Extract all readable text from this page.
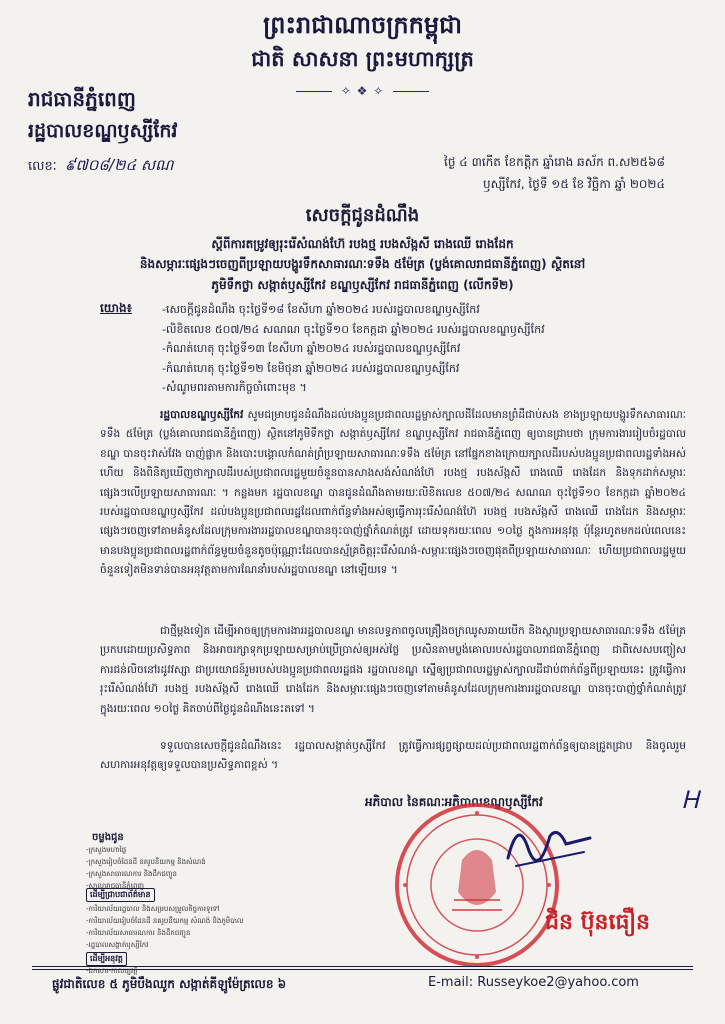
ព្រះរាជាណាចក្រកម្ពុជា
ជាតិ សាសនា ព្រះមហាក្សត្រ
✧ ❖ ✧
រាជធានីភ្នំពេញ
រដ្ឋបាលខណ្ឌឫស្សីកែវ
លេខៈ ៩៧០៨/២៤ សណ	ថ្ងៃ ៤ ៣កើត ខែកត្តិក ឆ្នាំរោង ឆស័ក ព.ស២៥៦៨
ឫស្សីកែវ, ថ្ងៃទី ១៥ ខែ វិច្ឆិកា ឆ្នាំ ២០២៤
សេចក្តីជូនដំណឹង
ស្តីពីការតម្រូវឲ្យរុះរើសំណង់ហ៊ែ របងថ្ម របងស័ង្កសី រោងឈើ រោងដែក
និងសម្ភារៈផ្សេងៗចេញពីប្រឡាយបង្ហូរទឹកសាធារណៈទទឹង ៥ម៉ែត្រ (ប្លង់គោលរាជធានីភ្នំពេញ) ស្ថិតនៅ
ភូមិទឹកថ្លា សង្កាត់ឫស្សីកែវ ខណ្ឌឫស្សីកែវ រាជធានីភ្នំពេញ (លើកទី២)
យោង៖	-សេចក្តីជូនដំណឹង ចុះថ្ងៃទី១៨ ខែសីហា ឆ្នាំ២០២៤ របស់រដ្ឋបាលខណ្ឌឫស្សីកែវ
-លិខិតលេខ ៥០៧/២៤ សណណ ចុះថ្ងៃទី១០ ខែកក្កដា ឆ្នាំ២០២៤ របស់រដ្ឋបាលខណ្ឌឫស្សីកែវ
-កំណត់ហេតុ ចុះថ្ងៃទី១៣ ខែសីហា ឆ្នាំ២០២៤ របស់រដ្ឋបាលខណ្ឌឫស្សីកែវ
-កំណត់ហេតុ ចុះថ្ងៃទី១២ ខែមិថុនា ឆ្នាំ២០២៤ របស់រដ្ឋបាលខណ្ឌឫស្សីកែវ
-សំណូមពរតាមការកិច្ចចាំពោះមុខ ។
រដ្ឋបាលខណ្ឌឫស្សីកែវ សូមជម្រាបជូនដំណឹងដល់បងប្អូនប្រជាពលរដ្ឋម្ចាស់ក្បាលដីដែលមានព្រំដីជាប់សង ខាងប្រឡាយបង្ហូរទឹកសាធារណៈទទឹង ៥ម៉ែត្រ (ប្លង់គោលរាជធានីភ្នំពេញ) ស្ថិតនៅភូមិទឹកថ្លា សង្កាត់ឫស្សីកែវ ខណ្ឌឫស្សីកែវ រាជធានីភ្នំពេញ ឲ្យបានជ្រាបថា ក្រុមការងាររៀបចំរដ្ឋបាលខណ្ឌ បានចុះវាស់វែង បាញ់ផ្លាក និងបោះបង្គោលកំណត់ព្រំប្រឡាយសាធារណៈទទឹង ៥ម៉ែត្រ នៅផ្នែកខាងក្រោយក្បាលដីរបស់បងប្អូនប្រជាពលរដ្ឋទាំងអស់ហើយ និងពិនិត្យឃើញថាក្បាលដីរបស់ប្រជាពលរដ្ឋមួយចំនួនបានសាងសង់សំណង់ហ៊ែ របងថ្ម របងស័ង្កសី រោងឈើ រោងដែក និងទុកដាក់សម្ភារៈផ្សេងៗលើប្រឡាយសាធារណៈ ។ កន្លងមក រដ្ឋបាលខណ្ឌ បានជូនដំណឹងតាមរយៈលិខិតលេខ ៥០៧/២៤ សណណ ចុះថ្ងៃទី១០ ខែកក្កដា ឆ្នាំ២០២៤ របស់រដ្ឋបាលខណ្ឌឫស្សីកែវ ដល់បងប្អូនប្រជាពលរដ្ឋដែលពាក់ព័ន្ធទាំងអស់ឲ្យធ្វើការរុះរើសំណង់ហ៊ែ របងថ្ម របងស័ង្កសី រោងឈើ រោងដែក និងសម្ភារៈផ្សេងៗចេញទៅតាមគំនូសដែលក្រុមការងាររដ្ឋបាលខណ្ឌបានចុះបាញ់ថ្នាំកំណត់ត្រូវ ដោយទុករយៈពេល ១០ថ្ងៃ ក្នុងការអនុវត្ត ប៉ុន្តែរហូតមកដល់ពេលនេះ មានបងប្អូនប្រជាពលរដ្ឋពាក់ព័ន្ធមួយចំនួនតូចប៉ុណ្ណោះដែលបានស្ម័គ្រចិត្តរុះរើសំណង់-សម្ភារៈផ្សេងៗចេញផុតពីប្រឡាយសាធារណៈ ហើយប្រជាពលរដ្ឋមួយចំនួនទៀតមិនទាន់បានអនុវត្តតាមការណែនាំរបស់រដ្ឋបាលខណ្ឌ នៅឡើយទេ ។
ជាថ្មីម្តងទៀត ដើម្បីអាចឲ្យក្រុមការងាររដ្ឋបាលខណ្ឌ មានលទ្ធភាពចូលគ្រឿងចក្រឈូសឆាយបើក និងស្តារប្រឡាយសាធារណៈទទឹង ៥ម៉ែត្រ ប្រកបដោយប្រសិទ្ធភាព និងអាចរក្សាទុកប្រឡាយសម្រាប់ប្រើប្រាស់ឲ្យអស់ថ្លៃ ប្រសិនតាមប្លង់គោលរបស់រដ្ឋបាលរាជធានីភ្នំពេញ ជាពិសេសបញ្ចៀសការជន់លិចនៅរដូវវស្សា ជាប្រយោជន៍រួមរបស់បងប្អូនប្រជាពលរដ្ឋផង រដ្ឋបាលខណ្ឌ ស្នើឲ្យប្រជាពលរដ្ឋម្ចាស់ក្បាលដីជាប់ពាក់ព័ន្ធពីប្រឡាយនេះ ត្រូវធ្វើការរុះរើសំណង់ហ៊ែ របងថ្ម របងស័ង្កសី រោងឈើ រោងដែក និងសម្ភារៈផ្សេងៗចេញទៅតាមគំនូសដែលក្រុមការងាររដ្ឋបាលខណ្ឌ បានចុះបាញ់ថ្នាំកំណត់ត្រូវ ក្នុងរយៈពេល ១០ថ្ងៃ គិតចាប់ពីថ្ងៃជូនដំណឹងនេះតទៅ ។
ទទួលបានសេចក្តីជូនដំណឹងនេះ រដ្ឋបាលសង្កាត់ឫស្សីកែវ ត្រូវធ្វើការផ្សព្វផ្សាយដល់ប្រជាពលរដ្ឋពាក់ព័ន្ធឲ្យបានជ្រួតជ្រាប និងចូលរួមសហការអនុវត្តឲ្យទទួលបានប្រសិទ្ធភាពខ្ពស់ ។
អភិបាល នៃគណៈអភិបាលខណ្ឌឫស្សីកែវ	Ꮋ
ជិន ប៊ុនធឿន
ចម្លងជូន
-ក្រសួងមហាផ្ទៃ
-ក្រសួងរៀបចំដែនដី នគរូបនីយកម្ម និងសំណង់
-ក្រសួងសាធារណការ និងដឹកជញ្ជូន
-សាលារាជធានីភ្នំពេញ
ដើម្បីជ្រាបជាព័ត៌មាន
-ការិយាល័យរដ្ឋបាល និងសម្របសម្រួលកិច្ចការទូទៅ
-ការិយាល័យរៀបចំដែនដី នគរូបនីយកម្ម សំណង់ និងភូមិបាល
-ការិយាល័យសាធារណការ និងដឹកជញ្ជូន
-រដ្ឋបាលសង្កាត់ឫស្សីកែវ
ដើម្បីអនុវត្ត
-ឯកសារ-កាលប្បវត្តិ
ផ្លូវជាតិលេខ ៥ ភូមិបឹងឈូក សង្កាត់គីឡូម៉ែត្រលេខ ៦	E-mail: Russeykoe2@yahoo.com
